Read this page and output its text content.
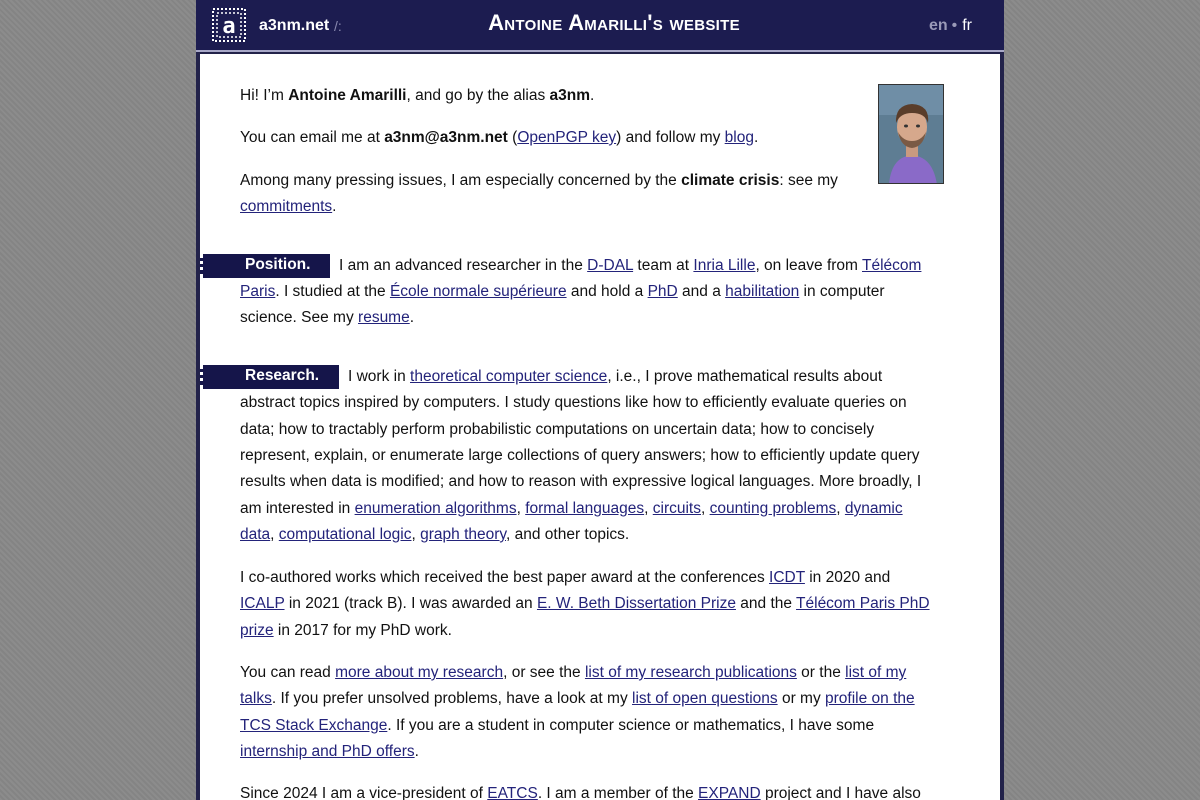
a a3nm.net /:	Antoine Amarilli's website	en • fr

Hi! I’m Antoine Amarilli, and go by the alias a3nm.

You can email me at a3nm@a3nm.net (OpenPGP key) and follow my blog.

Among many pressing issues, I am especially concerned by the climate crisis: see my

commitments.

Position.	I am an advanced researcher in the D-DAL team at Inria Lille, on leave from Télécom

Paris. I studied at the École normale supérieure and hold a PhD and a habilitation in computer

science. See my resume.

Research.	I work in theoretical computer science, i.e., I prove mathematical results about

abstract topics inspired by computers. I study questions like how to efficiently evaluate queries on

data; how to tractably perform probabilistic computations on uncertain data; how to concisely

represent, explain, or enumerate large collections of query answers; how to efficiently update query

results when data is modified; and how to reason with expressive logical languages. More broadly, I

am interested in enumeration algorithms, formal languages, circuits, counting problems, dynamic

data, computational logic, graph theory, and other topics.

I co-authored works which received the best paper award at the conferences ICDT in 2020 and

ICALP in 2021 (track B). I was awarded an E. W. Beth Dissertation Prize and the Télécom Paris PhD

prize in 2017 for my PhD work.

You can read more about my research, or see the list of my research publications or the list of my

talks. If you prefer unsolved problems, have a look at my list of open questions or my profile on the

TCS Stack Exchange. If you are a student in computer science or mathematics, I have some

internship and PhD offers.

Since 2024 I am a vice-president of EATCS. I am a member of the EXPAND project and I have also
